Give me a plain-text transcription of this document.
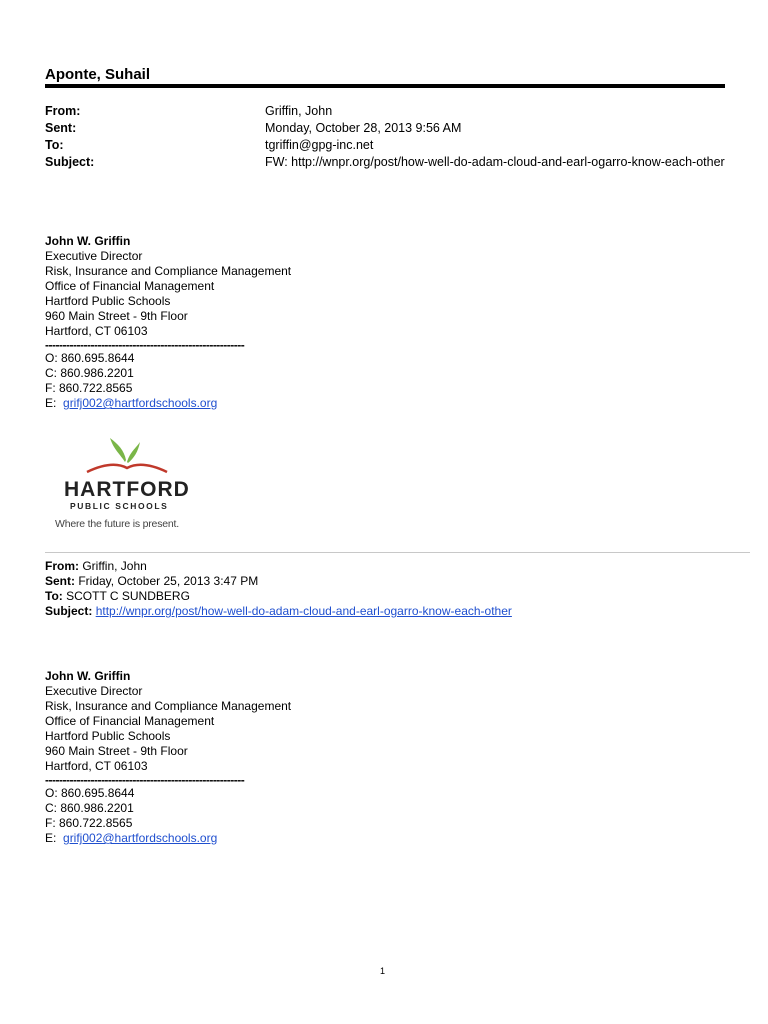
Aponte, Suhail
From:	Griffin, John
Sent:	Monday, October 28, 2013 9:56 AM
To:	tgriffin@gpg-inc.net
Subject:	FW: http://wnpr.org/post/how-well-do-adam-cloud-and-earl-ogarro-know-each-other
John W. Griffin
Executive Director
Risk, Insurance and Compliance Management
Office of Financial Management
Hartford Public Schools
960 Main Street - 9th Floor
Hartford, CT 06103
---------------------------------------------------------
O: 860.695.8644
C: 860.986.2201
F: 860.722.8565
E: grifj002@hartfordschools.org
HARTFORD
PUBLIC SCHOOLS
Where the future is present.
From: Griffin, John
Sent: Friday, October 25, 2013 3:47 PM
To: SCOTT C SUNDBERG
Subject: http://wnpr.org/post/how-well-do-adam-cloud-and-earl-ogarro-know-each-other
John W. Griffin
Executive Director
Risk, Insurance and Compliance Management
Office of Financial Management
Hartford Public Schools
960 Main Street - 9th Floor
Hartford, CT 06103
---------------------------------------------------------
O: 860.695.8644
C: 860.986.2201
F: 860.722.8565
E: grifj002@hartfordschools.org
1
